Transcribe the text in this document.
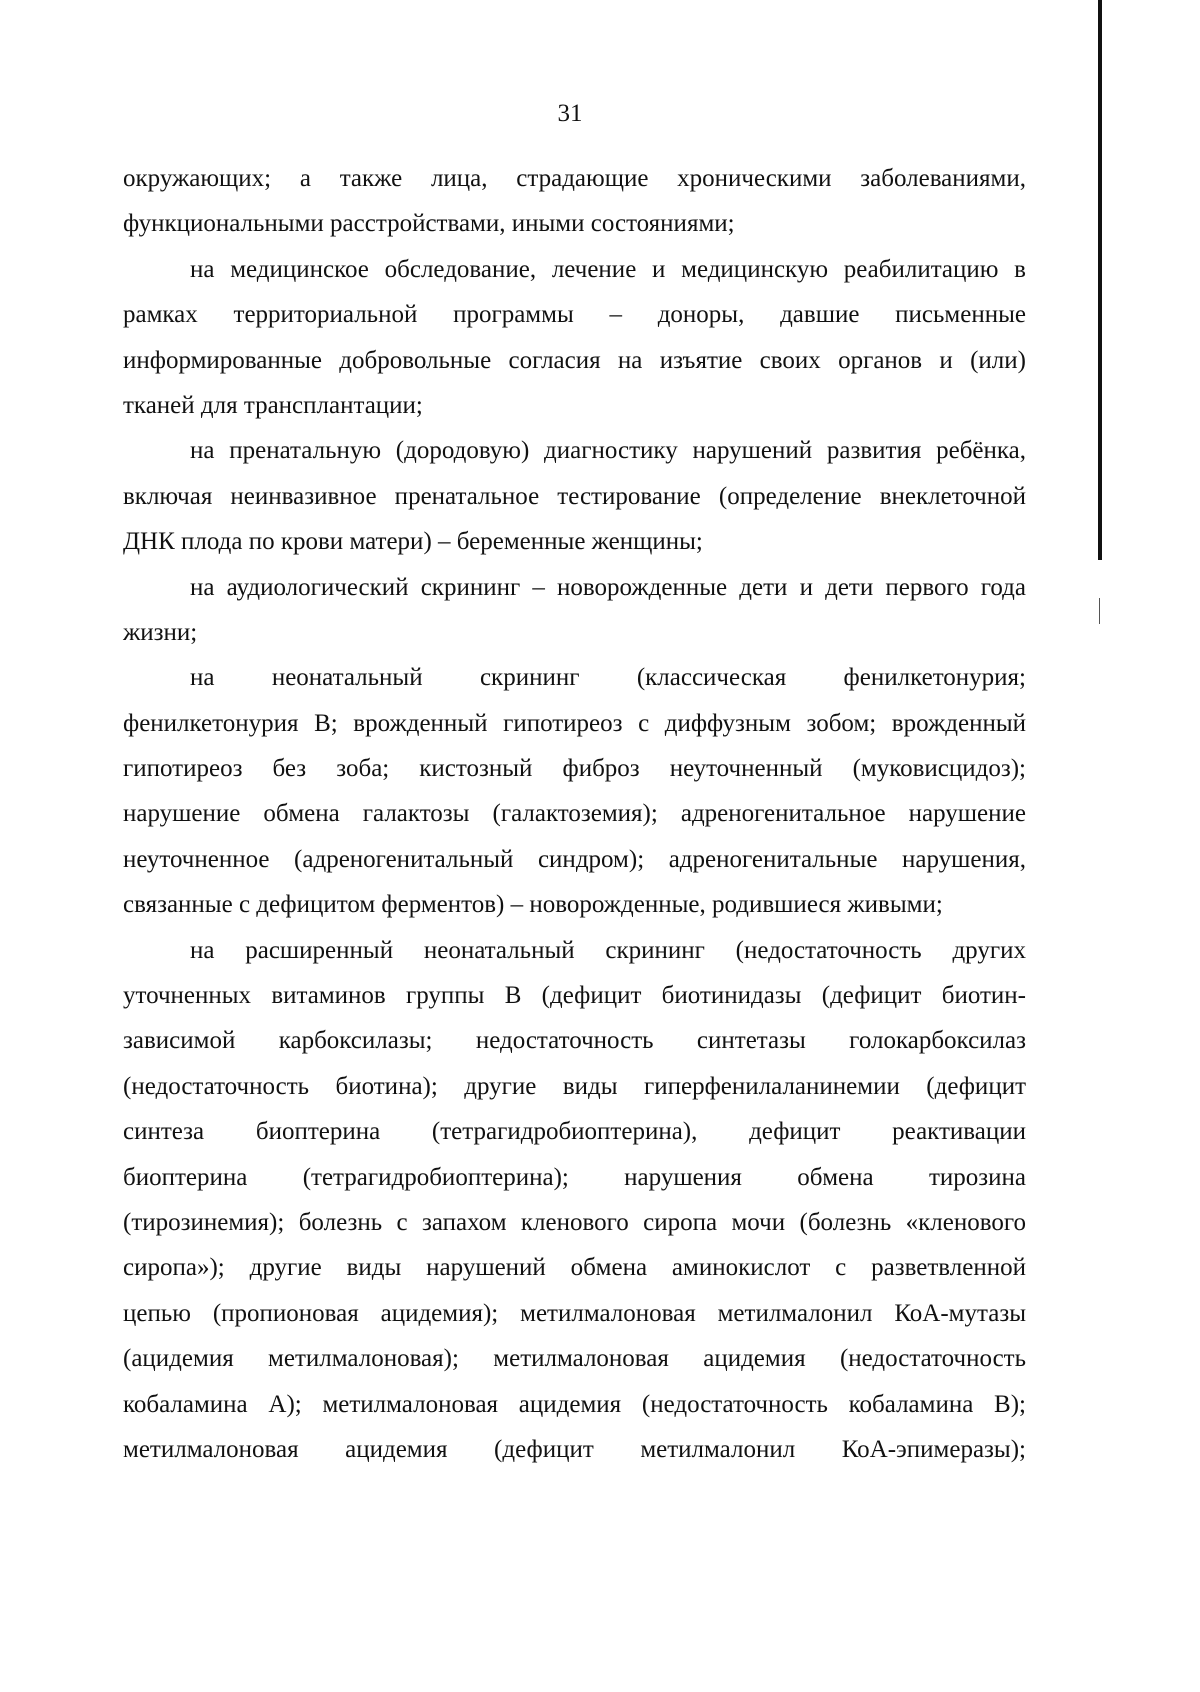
31
окружающих; а также лица, страдающие хроническими заболеваниями,
функциональными расстройствами, иными состояниями;
на медицинское обследование, лечение и медицинскую реабилитацию в
рамках территориальной программы – доноры, давшие письменные
информированные добровольные согласия на изъятие своих органов и (или)
тканей для трансплантации;
на пренатальную (дородовую) диагностику нарушений развития ребёнка,
включая неинвазивное пренатальное тестирование (определение внеклеточной
ДНК плода по крови матери) – беременные женщины;
на аудиологический скрининг – новорожденные дети и дети первого года
жизни;
на неонатальный скрининг (классическая фенилкетонурия;
фенилкетонурия B; врожденный гипотиреоз с диффузным зобом; врожденный
гипотиреоз без зоба; кистозный фиброз неуточненный (муковисцидоз);
нарушение обмена галактозы (галактоземия); адреногенитальное нарушение
неуточненное (адреногенитальный синдром); адреногенитальные нарушения,
связанные с дефицитом ферментов) – новорожденные, родившиеся живыми;
на расширенный неонатальный скрининг (недостаточность других
уточненных витаминов группы B (дефицит биотинидазы (дефицит биотин-
зависимой карбоксилазы; недостаточность синтетазы голокарбоксилаз
(недостаточность биотина); другие виды гиперфенилаланинемии (дефицит
синтеза биоптерина (тетрагидробиоптерина), дефицит реактивации
биоптерина (тетрагидробиоптерина); нарушения обмена тирозина
(тирозинемия); болезнь с запахом кленового сиропа мочи (болезнь «кленового
сиропа»); другие виды нарушений обмена аминокислот с разветвленной
цепью (пропионовая ацидемия); метилмалоновая метилмалонил КоА-мутазы
(ацидемия метилмалоновая); метилмалоновая ацидемия (недостаточность
кобаламина A); метилмалоновая ацидемия (недостаточность кобаламина B);
метилмалоновая ацидемия (дефицит метилмалонил КоА-эпимеразы);
